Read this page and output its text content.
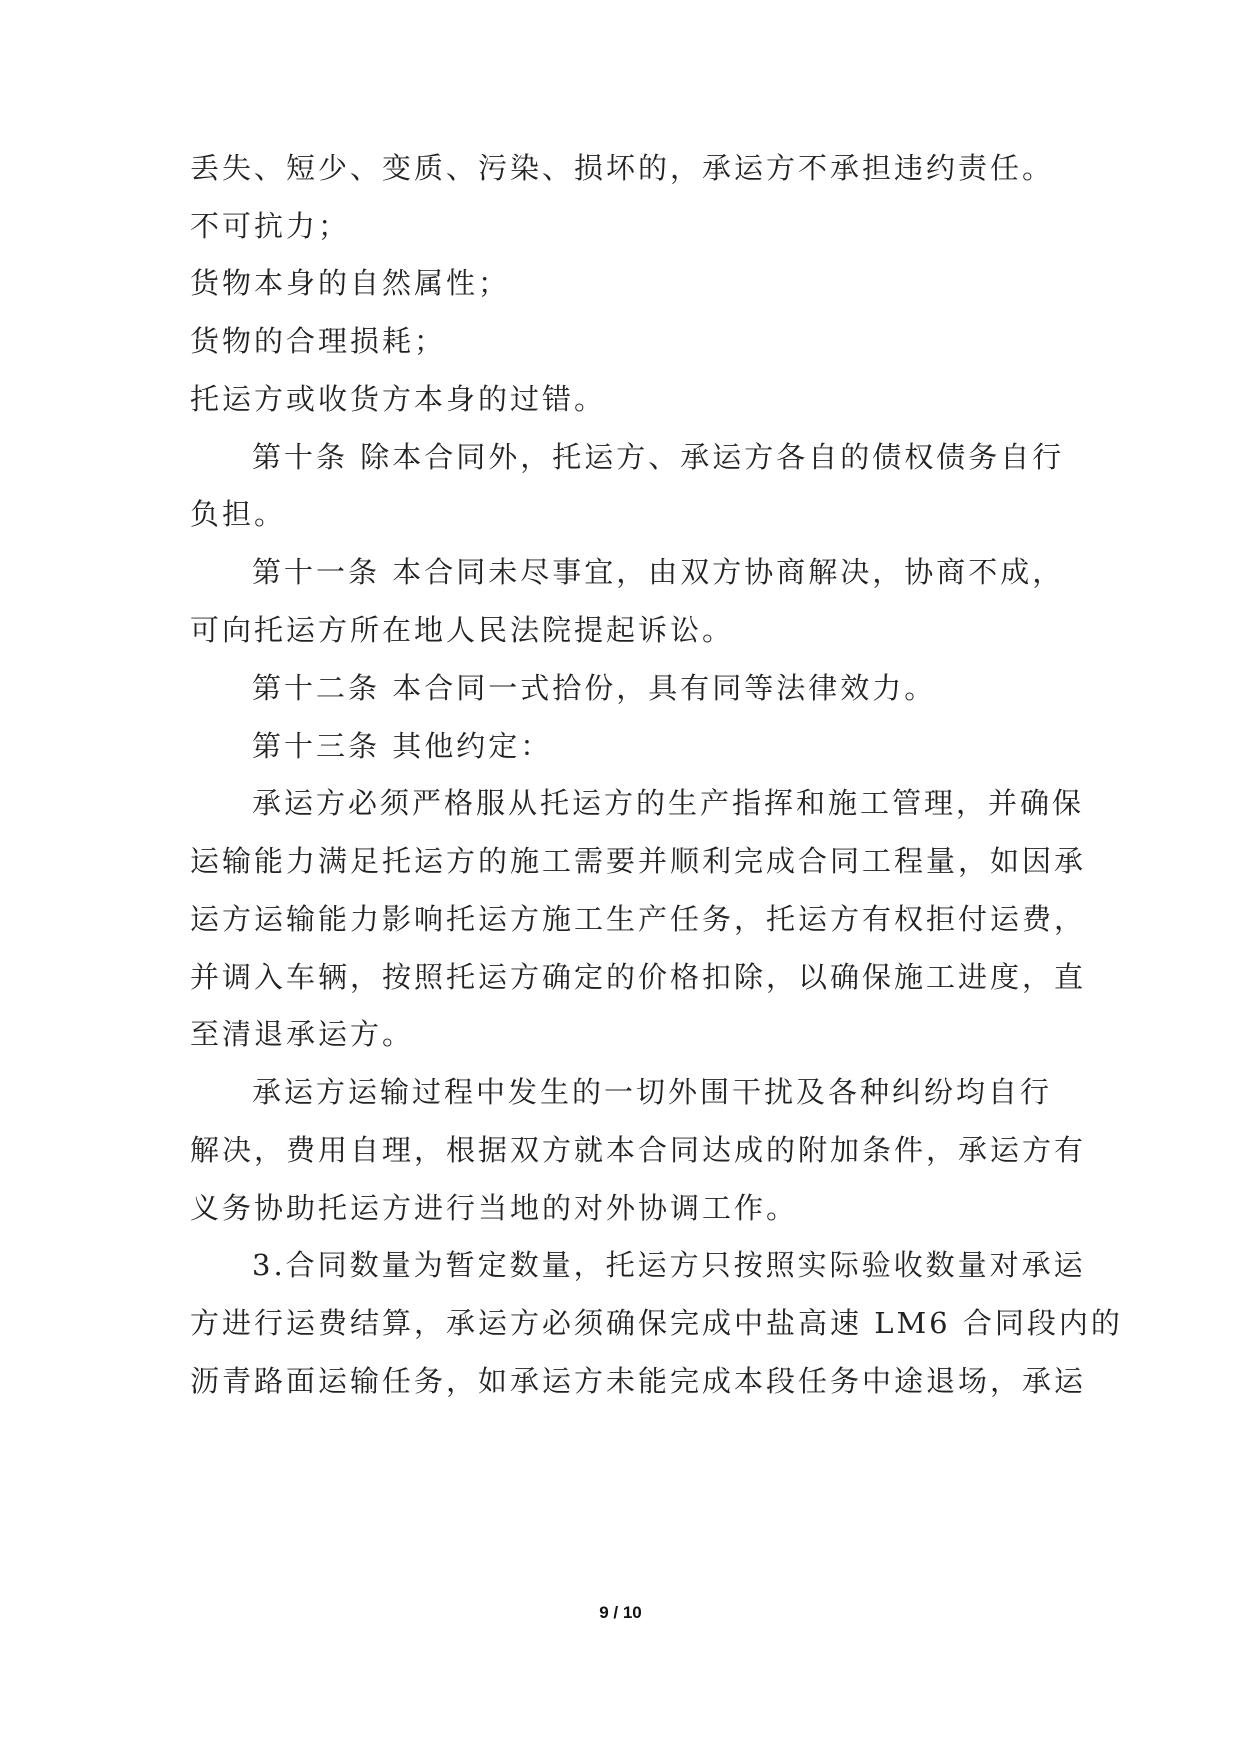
丢失、短少、变质、污染、损坏的，承运方不承担违约责任。
不可抗力；
货物本身的自然属性；
货物的合理损耗；
托运方或收货方本身的过错。
第十条 除本合同外，托运方、承运方各自的债权债务自行
负担。
第十一条 本合同未尽事宜，由双方协商解决，协商不成，
可向托运方所在地人民法院提起诉讼。
第十二条 本合同一式拾份，具有同等法律效力。
第十三条 其他约定：
承运方必须严格服从托运方的生产指挥和施工管理，并确保
运输能力满足托运方的施工需要并顺利完成合同工程量，如因承
运方运输能力影响托运方施工生产任务，托运方有权拒付运费，
并调入车辆，按照托运方确定的价格扣除，以确保施工进度，直
至清退承运方。
承运方运输过程中发生的一切外围干扰及各种纠纷均自行
解决，费用自理，根据双方就本合同达成的附加条件，承运方有
义务协助托运方进行当地的对外协调工作。
3.合同数量为暂定数量，托运方只按照实际验收数量对承运
方进行运费结算，承运方必须确保完成中盐高速 LM6 合同段内的
沥青路面运输任务，如承运方未能完成本段任务中途退场，承运
9 / 10
